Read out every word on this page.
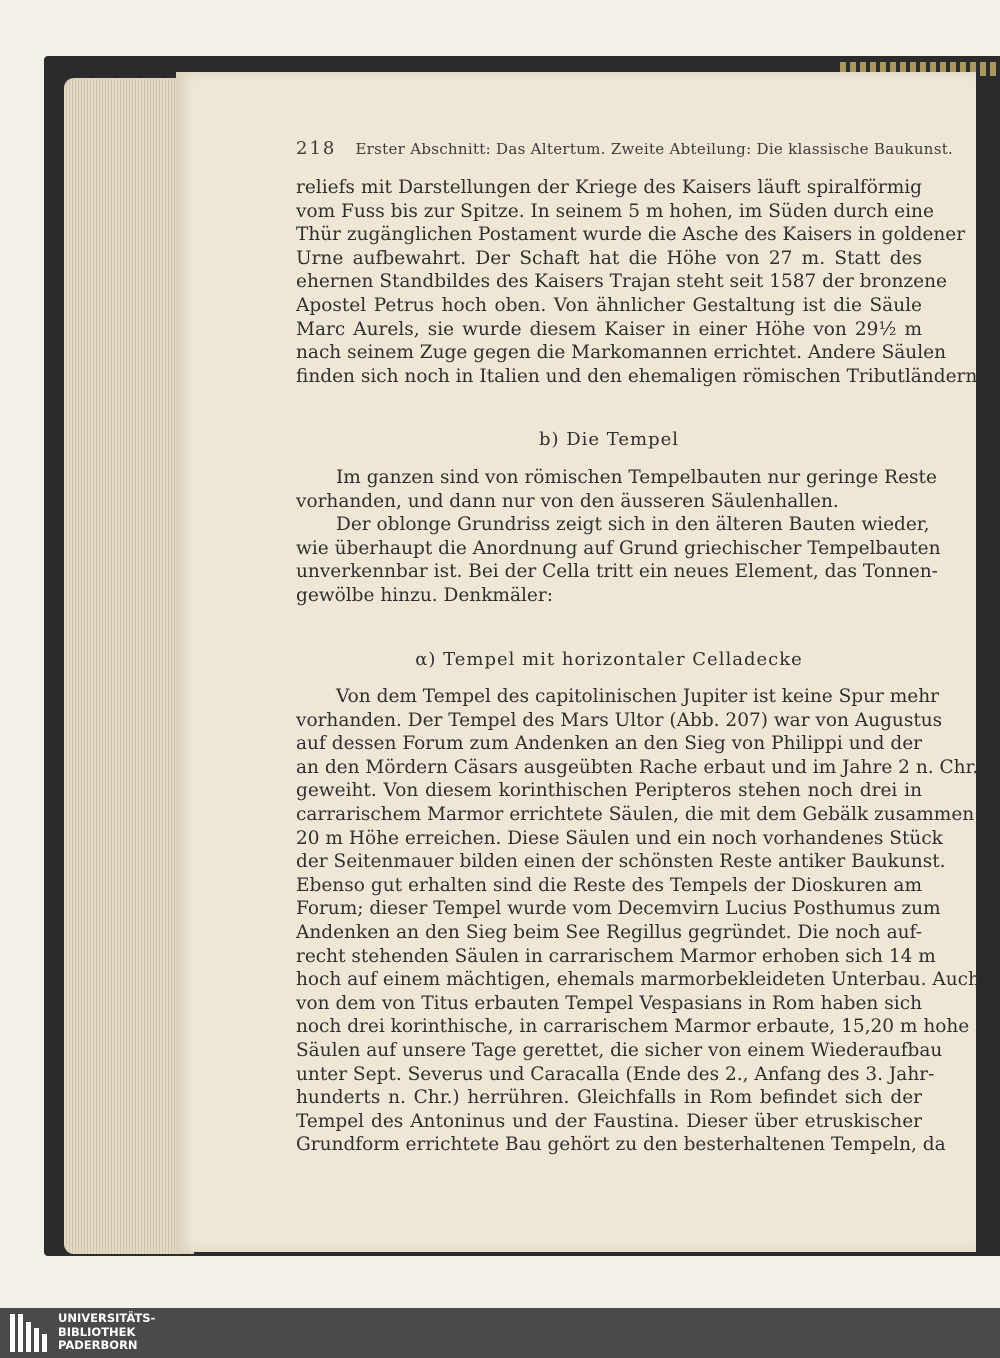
218 Erster Abschnitt: Das Altertum. Zweite Abteilung: Die klassische Baukunst.
reliefs mit Darstellungen der Kriege des Kaisers läuft spiralförmig
vom Fuss bis zur Spitze. In seinem 5 m hohen, im Süden durch eine
Thür zugänglichen Postament wurde die Asche des Kaisers in goldener
Urne aufbewahrt. Der Schaft hat die Höhe von 27 m. Statt des
ehernen Standbildes des Kaisers Trajan steht seit 1587 der bronzene
Apostel Petrus hoch oben. Von ähnlicher Gestaltung ist die Säule
Marc Aurels, sie wurde diesem Kaiser in einer Höhe von 29½ m
nach seinem Zuge gegen die Markomannen errichtet. Andere Säulen
finden sich noch in Italien und den ehemaligen römischen Tributländern.
b) Die Tempel
Im ganzen sind von römischen Tempelbauten nur geringe Reste
vorhanden, und dann nur von den äusseren Säulenhallen.
Der oblonge Grundriss zeigt sich in den älteren Bauten wieder,
wie überhaupt die Anordnung auf Grund griechischer Tempelbauten
unverkennbar ist. Bei der Cella tritt ein neues Element, das Tonnen-
gewölbe hinzu. Denkmäler:
α) Tempel mit horizontaler Celladecke
Von dem Tempel des capitolinischen Jupiter ist keine Spur mehr
vorhanden. Der Tempel des Mars Ultor (Abb. 207) war von Augustus
auf dessen Forum zum Andenken an den Sieg von Philippi und der
an den Mördern Cäsars ausgeübten Rache erbaut und im Jahre 2 n. Chr.
geweiht. Von diesem korinthischen Peripteros stehen noch drei in
carrarischem Marmor errichtete Säulen, die mit dem Gebälk zusammen
20 m Höhe erreichen. Diese Säulen und ein noch vorhandenes Stück
der Seitenmauer bilden einen der schönsten Reste antiker Baukunst.
Ebenso gut erhalten sind die Reste des Tempels der Dioskuren am
Forum; dieser Tempel wurde vom Decemvirn Lucius Posthumus zum
Andenken an den Sieg beim See Regillus gegründet. Die noch auf-
recht stehenden Säulen in carrarischem Marmor erhoben sich 14 m
hoch auf einem mächtigen, ehemals marmorbekleideten Unterbau. Auch
von dem von Titus erbauten Tempel Vespasians in Rom haben sich
noch drei korinthische, in carrarischem Marmor erbaute, 15,20 m hohe
Säulen auf unsere Tage gerettet, die sicher von einem Wiederaufbau
unter Sept. Severus und Caracalla (Ende des 2., Anfang des 3. Jahr-
hunderts n. Chr.) herrühren. Gleichfalls in Rom befindet sich der
Tempel des Antoninus und der Faustina. Dieser über etruskischer
Grundform errichtete Bau gehört zu den besterhaltenen Tempeln, da
UNIVERSITÄTS-
BIBLIOTHEK
PADERBORN
